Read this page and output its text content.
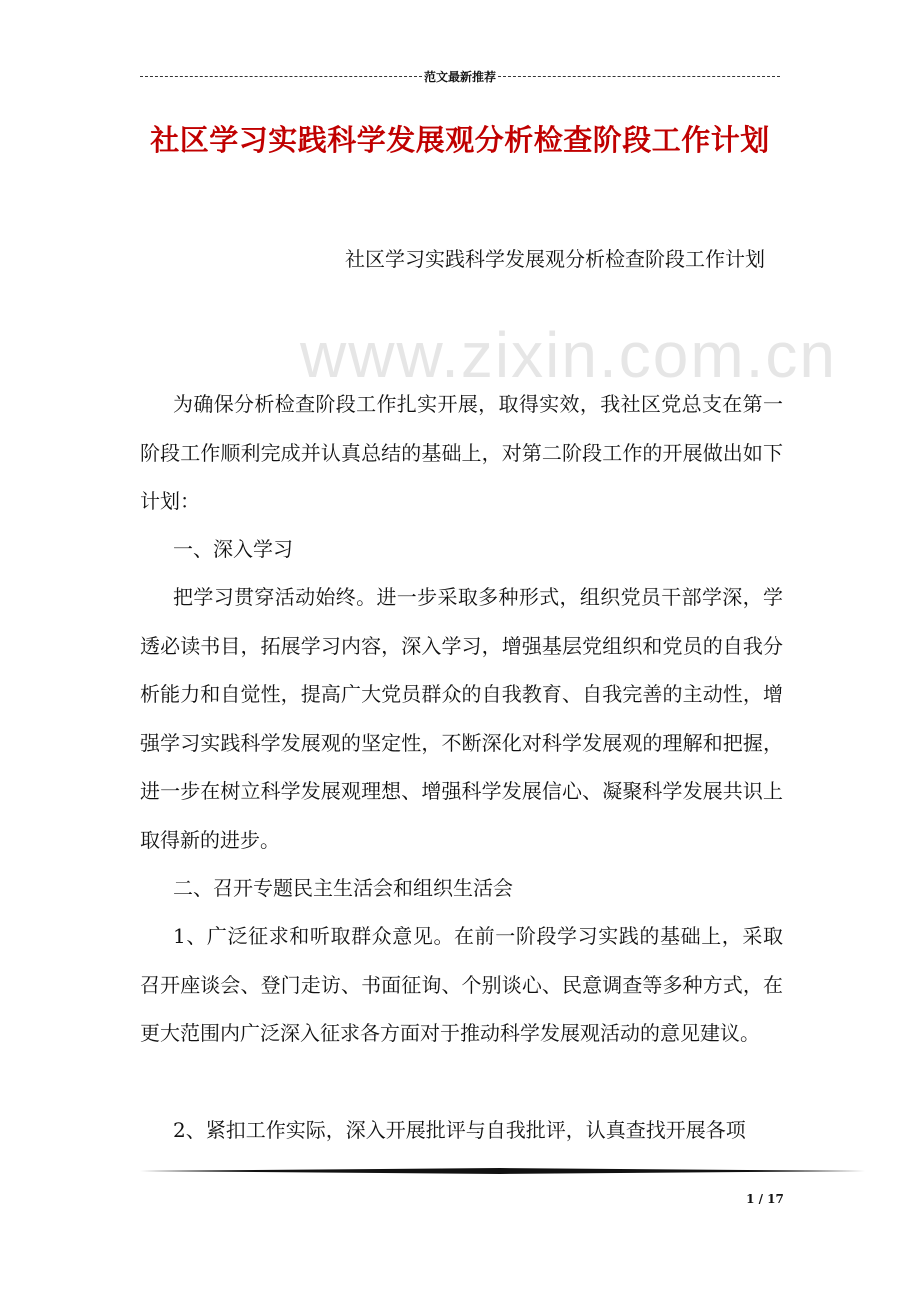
范文最新推荐
社区学习实践科学发展观分析检查阶段工作计划
www.zixin.com.cn
社区学习实践科学发展观分析检查阶段工作计划
为确保分析检查阶段工作扎实开展，取得实效，我社区党总支在第一阶段工作顺利完成并认真总结的基础上，对第二阶段工作的开展做出如下计划：
一、深入学习
把学习贯穿活动始终。进一步采取多种形式，组织党员干部学深，学透必读书目，拓展学习内容，深入学习，增强基层党组织和党员的自我分析能力和自觉性，提高广大党员群众的自我教育、自我完善的主动性，增强学习实践科学发展观的坚定性，不断深化对科学发展观的理解和把握，进一步在树立科学发展观理想、增强科学发展信心、凝聚科学发展共识上取得新的进步。
二、召开专题民主生活会和组织生活会
1、广泛征求和听取群众意见。在前一阶段学习实践的基础上，采取召开座谈会、登门走访、书面征询、个别谈心、民意调查等多种方式，在更大范围内广泛深入征求各方面对于推动科学发展观活动的意见建议。
2、紧扣工作实际，深入开展批评与自我批评，认真查找开展各项
1 / 17
